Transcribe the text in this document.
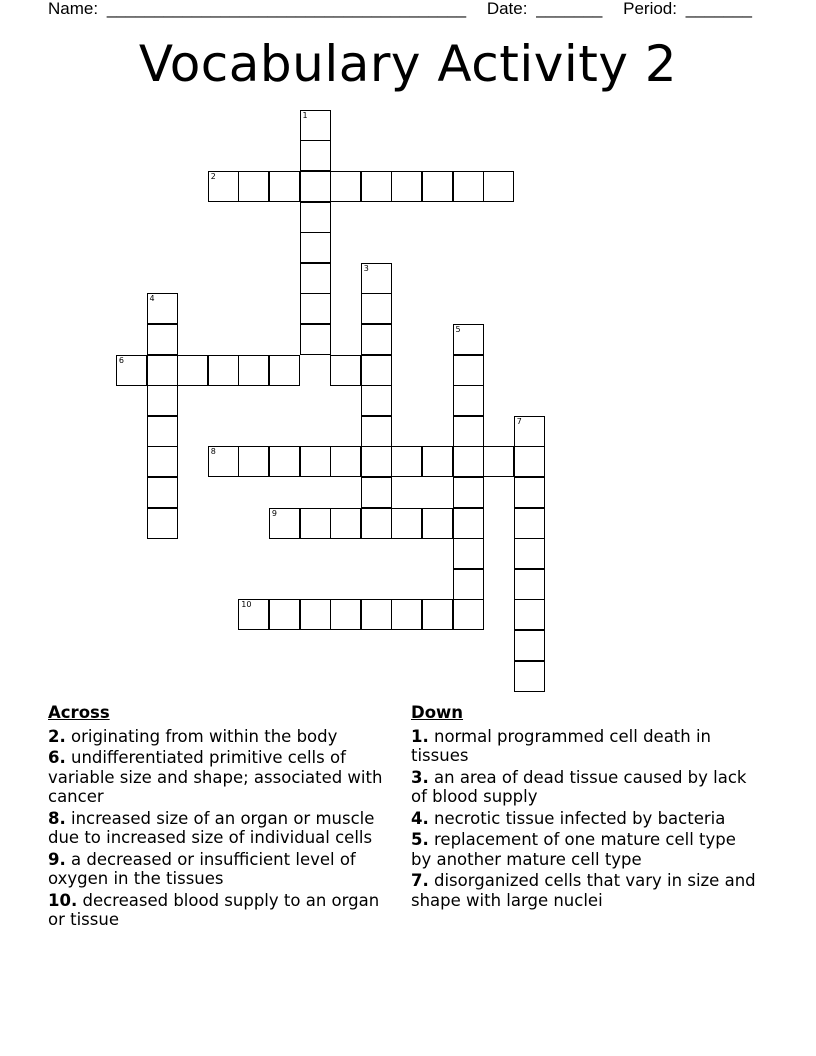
Name: ______________________________________ Date: _______ Period: _______
Vocabulary Activity 2
1
2
3
4
5
6
7
8
9
10
Across
2. originating from within the body
6. undifferentiated primitive cells of variable size and shape; associated with cancer
8. increased size of an organ or muscle due to increased size of individual cells
9. a decreased or insufficient level of oxygen in the tissues
10. decreased blood supply to an organ or tissue
Down
1. normal programmed cell death in tissues
3. an area of dead tissue caused by lack of blood supply
4. necrotic tissue infected by bacteria
5. replacement of one mature cell type by another mature cell type
7. disorganized cells that vary in size and shape with large nuclei
